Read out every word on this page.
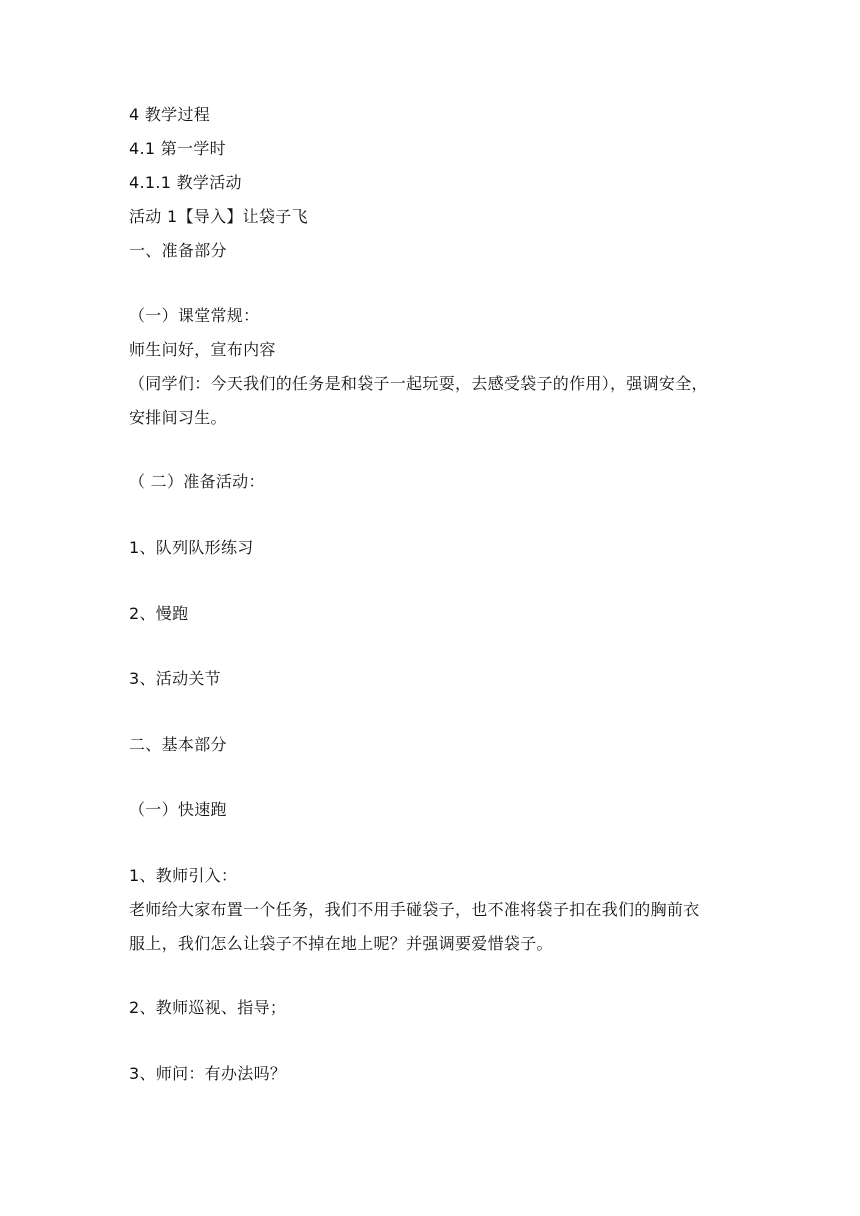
4 教学过程
4.1 第一学时
4.1.1 教学活动
活动 1【导入】让袋子飞
一、准备部分
（一）课堂常规：
师生问好，宣布内容
（同学们：今天我们的任务是和袋子一起玩耍，去感受袋子的作用），强调安全，
安排间习生。
（ 二）准备活动：
1、队列队形练习
2、慢跑
3、活动关节
二、基本部分
（一）快速跑
1、教师引入：
老师给大家布置一个任务，我们不用手碰袋子，也不准将袋子扣在我们的胸前衣
服上，我们怎么让袋子不掉在地上呢？并强调要爱惜袋子。
2、教师巡视、指导；
3、师问：有办法吗？
